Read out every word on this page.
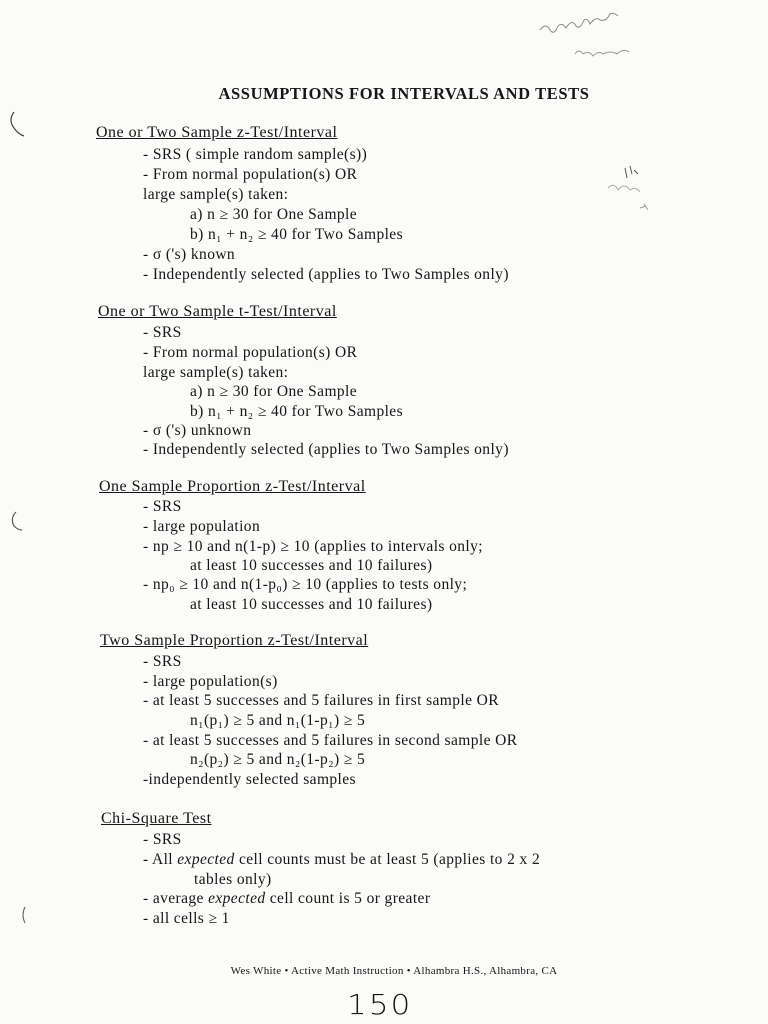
ASSUMPTIONS FOR INTERVALS AND TESTS
One or Two Sample z-Test/Interval
- SRS ( simple random sample(s))
- From normal population(s) OR
large sample(s) taken:
a) n ≥ 30 for One Sample
b) n₁ + n₂ ≥ 40 for Two Samples
- σ ('s) known
- Independently selected (applies to Two Samples only)
One or Two Sample t-Test/Interval
- SRS
- From normal population(s) OR
large sample(s) taken:
a) n ≥ 30 for One Sample
b) n₁ + n₂ ≥ 40 for Two Samples
- σ ('s) unknown
- Independently selected (applies to Two Samples only)
One Sample Proportion z-Test/Interval
- SRS
- large population
- np ≥ 10 and n(1-p) ≥ 10 (applies to intervals only;
at least 10 successes and 10 failures)
- np₀ ≥ 10 and n(1-p₀) ≥ 10 (applies to tests only;
at least 10 successes and 10 failures)
Two Sample Proportion z-Test/Interval
- SRS
- large population(s)
- at least 5 successes and 5 failures in first sample OR
n₁(p₁) ≥ 5 and n₁(1-p₁) ≥ 5
- at least 5 successes and 5 failures in second sample OR
n₂(p₂) ≥ 5 and n₂(1-p₂) ≥ 5
-independently selected samples
Chi-Square Test
- SRS
- All expected cell counts must be at least 5 (applies to 2 x 2
tables only)
- average expected cell count is 5 or greater
- all cells ≥ 1
Wes White • Active Math Instruction • Alhambra H.S., Alhambra, CA
150
